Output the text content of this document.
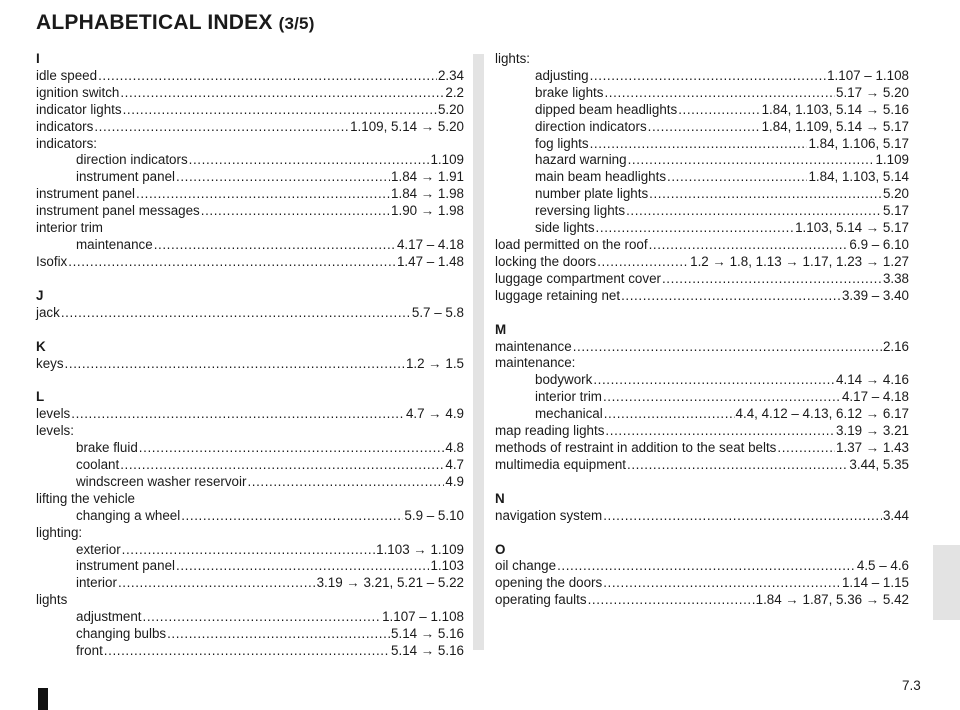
ALPHABETICAL INDEX (3/5)
I
idle speed .....	2.34
ignition switch .....	2.2
indicator lights .....	5.20
indicators .....	1.109, 5.14 → 5.20
indicators:
direction indicators .....	1.109
instrument panel .....	1.84 → 1.91
instrument panel .....	1.84 → 1.98
instrument panel messages .....	1.90 → 1.98
interior trim
maintenance .....	4.17 – 4.18
Isofix .....	1.47 – 1.48
J
jack .....	5.7 – 5.8
K
keys .....	1.2 → 1.5
L
levels .....	4.7 → 4.9
levels:
brake fluid .....	4.8
coolant .....	4.7
windscreen washer reservoir .....	4.9
lifting the vehicle
changing a wheel .....	5.9 – 5.10
lighting:
exterior .....	1.103 → 1.109
instrument panel .....	1.103
interior .....	3.19 → 3.21, 5.21 – 5.22
lights
adjustment .....	1.107 – 1.108
changing bulbs .....	5.14 → 5.16
front .....	5.14 → 5.16
lights:
adjusting .....	1.107 – 1.108
brake lights .....	5.17 → 5.20
dipped beam headlights .....	1.84, 1.103, 5.14 → 5.16
direction indicators .....	1.84, 1.109, 5.14 → 5.17
fog lights .....	1.84, 1.106, 5.17
hazard warning .....	1.109
main beam headlights .....	1.84, 1.103, 5.14
number plate lights .....	5.20
reversing lights .....	5.17
side lights .....	1.103, 5.14 → 5.17
load permitted on the roof .....	6.9 – 6.10
locking the doors .....	1.2 → 1.8, 1.13 → 1.17, 1.23 → 1.27
luggage compartment cover .....	3.38
luggage retaining net .....	3.39 – 3.40
M
maintenance .....	2.16
maintenance:
bodywork .....	4.14 → 4.16
interior trim .....	4.17 – 4.18
mechanical .....	4.4, 4.12 – 4.13, 6.12 → 6.17
map reading lights .....	3.19 → 3.21
methods of restraint in addition to the seat belts .....	1.37 → 1.43
multimedia equipment .....	3.44, 5.35
N
navigation system .....	3.44
O
oil change .....	4.5 – 4.6
opening the doors .....	1.14 – 1.15
operating faults .....	1.84 → 1.87, 5.36 → 5.42
7.3
